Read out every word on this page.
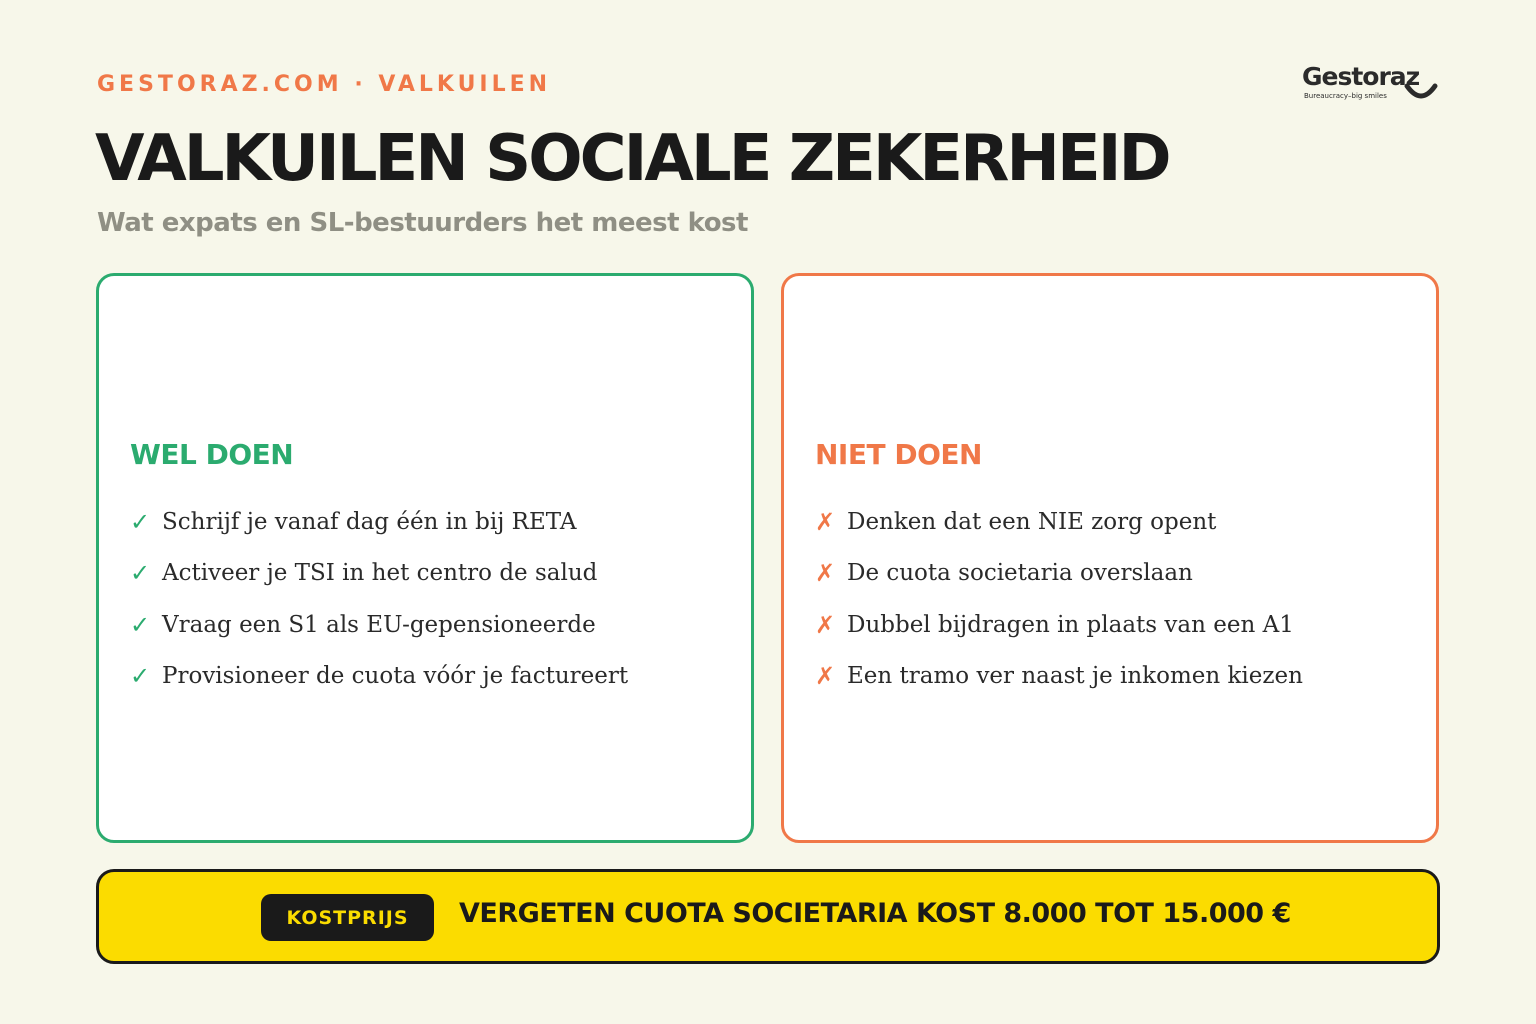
GESTORAZ.COM · VALKUILEN	Gestoraz
Bureaucracy–big smiles
VALKUILEN SOCIALE ZEKERHEID
Wat expats en SL-bestuurders het meest kost
WEL DOEN
✓ Schrijf je vanaf dag één in bij RETA
✓ Activeer je TSI in het centro de salud
✓ Vraag een S1 als EU-gepensioneerde
✓ Provisioneer de cuota vóór je factureert
NIET DOEN
✗ Denken dat een NIE zorg opent
✗ De cuota societaria overslaan
✗ Dubbel bijdragen in plaats van een A1
✗ Een tramo ver naast je inkomen kiezen
KOSTPRIJS	VERGETEN CUOTA SOCIETARIA KOST 8.000 TOT 15.000 €
